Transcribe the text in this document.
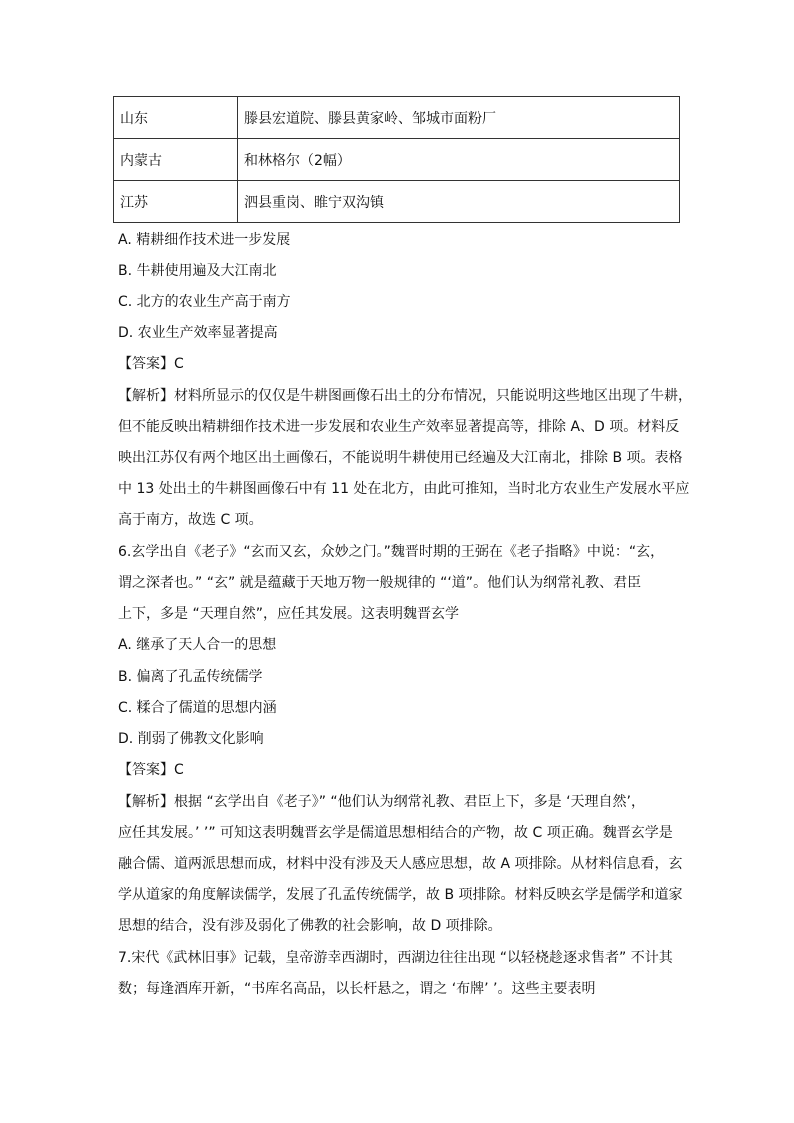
山东	滕县宏道院、滕县黄家岭、邹城市面粉厂
内蒙古	和林格尔（2幅）
江苏	泗县重岗、睢宁双沟镇
A. 精耕细作技术进一步发展
B. 牛耕使用遍及大江南北
C. 北方的农业生产高于南方
D. 农业生产效率显著提高
【答案】C
【解析】材料所显示的仅仅是牛耕图画像石出土的分布情况，只能说明这些地区出现了牛耕，
但不能反映出精耕细作技术进一步发展和农业生产效率显著提高等，排除 A、D 项。材料反
映出江苏仅有两个地区出土画像石，不能说明牛耕使用已经遍及大江南北，排除 B 项。表格
中 13 处出土的牛耕图画像石中有 11 处在北方，由此可推知，当时北方农业生产发展水平应
高于南方，故选 C 项。
6.玄学出自《老子》“玄而又玄，众妙之门。”魏晋时期的王弼在《老子指略》中说：“玄，
谓之深者也。” “玄” 就是蕴藏于天地万物一般规律的 “‘道”。他们认为纲常礼教、君臣
上下，多是 “天理自然”，应任其发展。这表明魏晋玄学
A. 继承了天人合一的思想
B. 偏离了孔孟传统儒学
C. 糅合了儒道的思想内涵
D. 削弱了佛教文化影响
【答案】C
【解析】根据 “玄学出自《老子》” “他们认为纲常礼教、君臣上下，多是 ‘天理自然’，
应任其发展。’ ’” 可知这表明魏晋玄学是儒道思想相结合的产物，故 C 项正确。魏晋玄学是
融合儒、道两派思想而成，材料中没有涉及天人感应思想，故 A 项排除。从材料信息看，玄
学从道家的角度解读儒学，发展了孔孟传统儒学，故 B 项排除。材料反映玄学是儒学和道家
思想的结合，没有涉及弱化了佛教的社会影响，故 D 项排除。
7.宋代《武林旧事》记载，皇帝游幸西湖时，西湖边往往出现 “以轻桡趁逐求售者” 不计其
数；每逢酒库开新，“书库名高品，以长杆悬之，谓之 ‘布牌’ ’。这些主要表明
